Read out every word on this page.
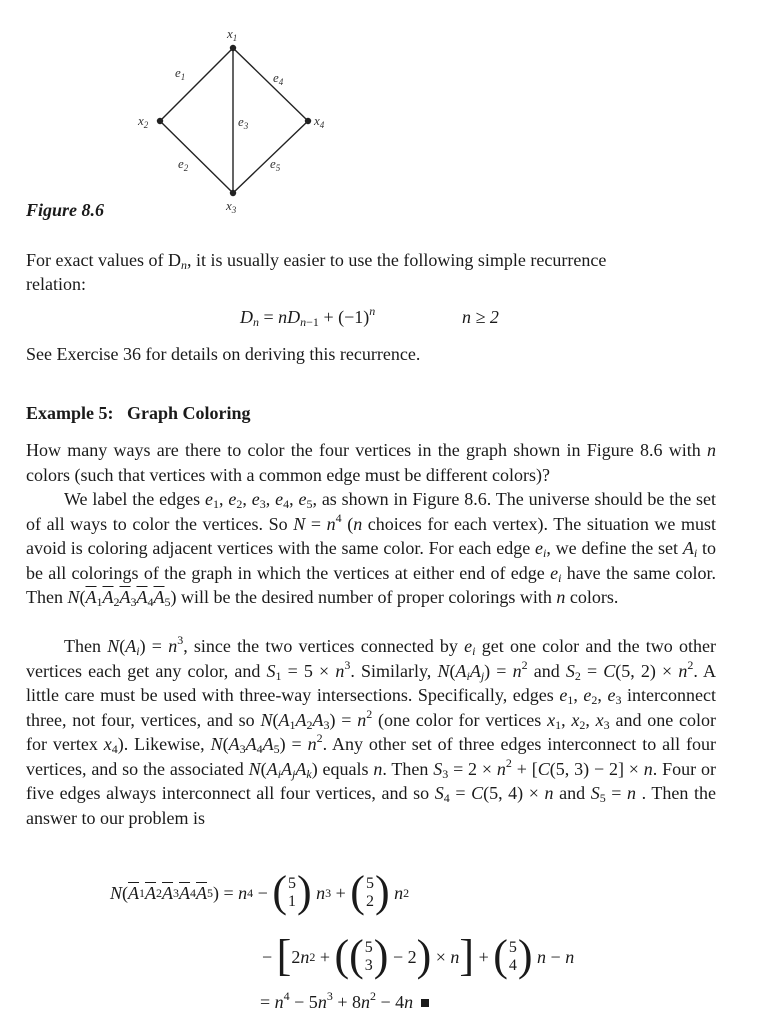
$x_1$
$x_2$
$x_3$
$x_4$
$e_1$	$e_4$
$e_3$
$e_2$	$e_5$
Figure 8.6
For exact values of $D_n$, it is usually easier to use the following simple recurrence
relation:
$D_n = nD_{n-1} + (-1)^n$	n ≥ 2
See Exercise 36 for details on deriving this recurrence.
Example 5:   Graph Coloring
How many ways are there to color the four vertices in the graph shown in Figure 8.6 with n colors (such that vertices with a common edge must be different colors)?
We label the edges $e_1$, $e_2$, $e_3$, $e_4$, $e_5$, as shown in Figure 8.6. The universe should be the set of all ways to color the vertices. So $N = n^4$ (n choices for each vertex). The situation we must avoid is coloring adjacent vertices with the same color. For each edge $e_i$, we define the set $A_i$ to be all colorings of the graph in which the vertices at either end of edge $e_i$ have the same color. Then $N(\overline{A}_1\overline{A}_2\overline{A}_3\overline{A}_4\overline{A}_5)$ will be the desired number of proper colorings with n colors.
Then $N(A_i) = n^3$, since the two vertices connected by $e_i$ get one color and the two other vertices each get any color, and $S_1 = 5 \times n^3$. Similarly, $N(A_iA_j) = n^2$ and $S_2 = C(5$, $2) \times n^2$. A little care must be used with three-way intersections. Specifically, edges $e_1$, $e_2$, $e_3$ interconnect three, not four, vertices, and so $N(A_1A_2A_3) = n^2$ (one color for vertices $x_1$, $x_2$, $x_3$ and one color for vertex $x_4$). Likewise, $N(A_3A_4A_5) = n^2$. Any other set of three edges interconnect to all four vertices, and so the associated $N(A_iA_jA_k)$ equals n. Then $S_3 = 2 \times n^2 + [C(5$, 3) − 2] × n. Four or five edges always interconnect all four vertices, and so $S_4 = C(5$, 4) × n and $S_5 = n$ . Then the answer to our problem is
N ( $\overline{A}$ 1 $\overline{A}$ 2 $\overline{A}$ 3 $\overline{A}$ 4 $\overline{A}$ 5 ) = n 4 − ( 5
1 )
n 3 + ( 5
2 )
n 2
− [ 2 n 2 + ( ( 5
3 ) − 2 ) × n ] + ( 5
4 )
n − n
= $n^4 - 5n^3 + 8n^2 - 4n$
